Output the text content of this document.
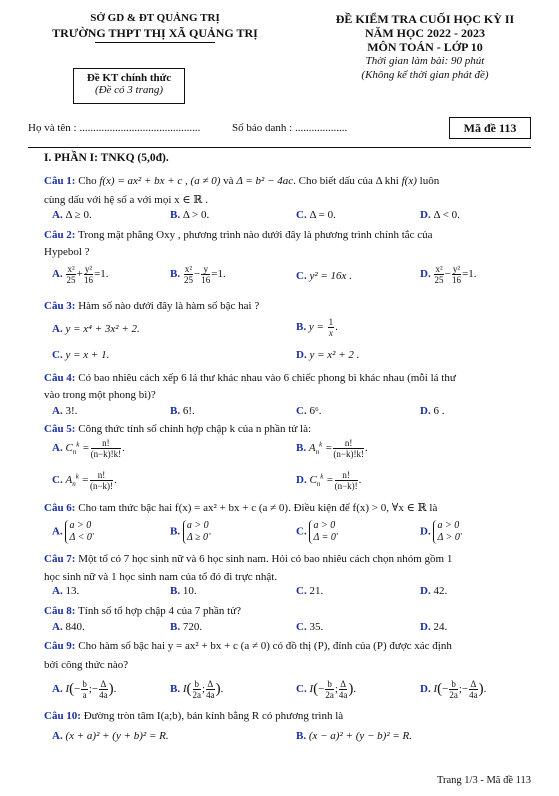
SỞ GD & ĐT QUẢNG TRỊ
TRƯỜNG THPT THỊ XÃ QUẢNG TRỊ
ĐỀ KIỂM TRA CUỐI HỌC KỲ II
NĂM HỌC 2022 - 2023
MÔN TOÁN - LỚP 10
Thời gian làm bài: 90 phút
(Không kể thời gian phát đề)
Đề KT chính thức
(Đề có 3 trang)
Họ và tên : ............................................	Số báo danh : ...................	Mã đề 113
I. PHẦN I: TNKQ (5,0đ).
Câu 1: Cho f(x) = ax² + bx + c , (a ≠ 0) và Δ = b² − 4ac. Cho biết dấu của Δ khi f(x) luôn
cùng dấu với hệ số a với mọi x ∈ ℝ .
A. Δ ≥ 0.	B. Δ > 0.	C. Δ = 0.	D. Δ < 0.
Câu 2: Trong mặt phẳng Oxy , phương trình nào dưới đây là phương trình chính tắc của
Hypebol ?
A. $\frac{\text{x²}}{25} + \frac{\text{y²}}{16} =1$.	B. $\frac{\text{x²}}{25} - \frac{y}{16} =1$.	C. y² = 16x .	D. $\frac{\text{x²}}{25} - \frac{\text{y²}}{16} =1$.
Câu 3: Hàm số nào dưới đây là hàm số bậc hai ?
A. y = x⁴ + 3x² + 2.	B. $y = \frac{1}{x}$ .
C. y = x + 1.	D. y = x² + 2 .
Câu 4: Có bao nhiêu cách xếp 6 lá thư khác nhau vào 6 chiếc phong bì khác nhau (mỗi lá thư
vào trong một phong bì)?
A. 3!.	B. 6!.	C. 6⁶.	D. 6 .
Câu 5: Công thức tính số chỉnh hợp chập k của n phần tử là:
A. $C_n^k = \frac{n!}{(n-k)!k!}$ .	B. $A_n^k = \frac{n!}{(n-k)!k!}$ .
C. $A_n^k = \frac{n!}{(n-k)!}$ .	D. $C_n^k = \frac{n!}{(n-k)!}$ .
Câu 6: Cho tam thức bậc hai f(x) = ax² + bx + c (a ≠ 0). Điều kiện để f(x) > 0, ∀x ∈ ℝ là
A.
a > 0
Δ < 0 .	B.
a > 0
Δ ≥ 0 .	C.
a > 0
Δ = 0 .	D.
a > 0
Δ > 0 .
Câu 7: Một tổ có 7 học sinh nữ và 6 học sinh nam. Hỏi có bao nhiêu cách chọn nhóm gồm 1
học sinh nữ và 1 học sinh nam của tổ đó đi trực nhật.
A. 13.	B. 10.	C. 21.	D. 42.
Câu 8: Tính số tổ hợp chập 4 của 7 phần tử?
A. 840.	B. 720.	C. 35.	D. 24.
Câu 9: Cho hàm số bậc hai y = ax² + bx + c (a ≠ 0) có đồ thị (P), đỉnh của (P) được xác định
bởi công thức nào?
A. $I(- \frac{b}{a}$ ;− $\frac{\Delta}{4a}$ ).	B. $I( \frac{b}{2a}$ ; $\frac{\Delta}{4a}$ ).	C. $I(- \frac{b}{2a}$ ; $\frac{\Delta}{4a}$ ).	D. $I(- \frac{b}{2a}$ ;− $\frac{\Delta}{4a}$ ).
Câu 10: Đường tròn tâm I(a;b), bán kính bằng R có phương trình là
A. (x + a)² + (y + b)² = R.	B. (x − a)² + (y − b)² = R.
Trang 1/3 - Mã đề 113
